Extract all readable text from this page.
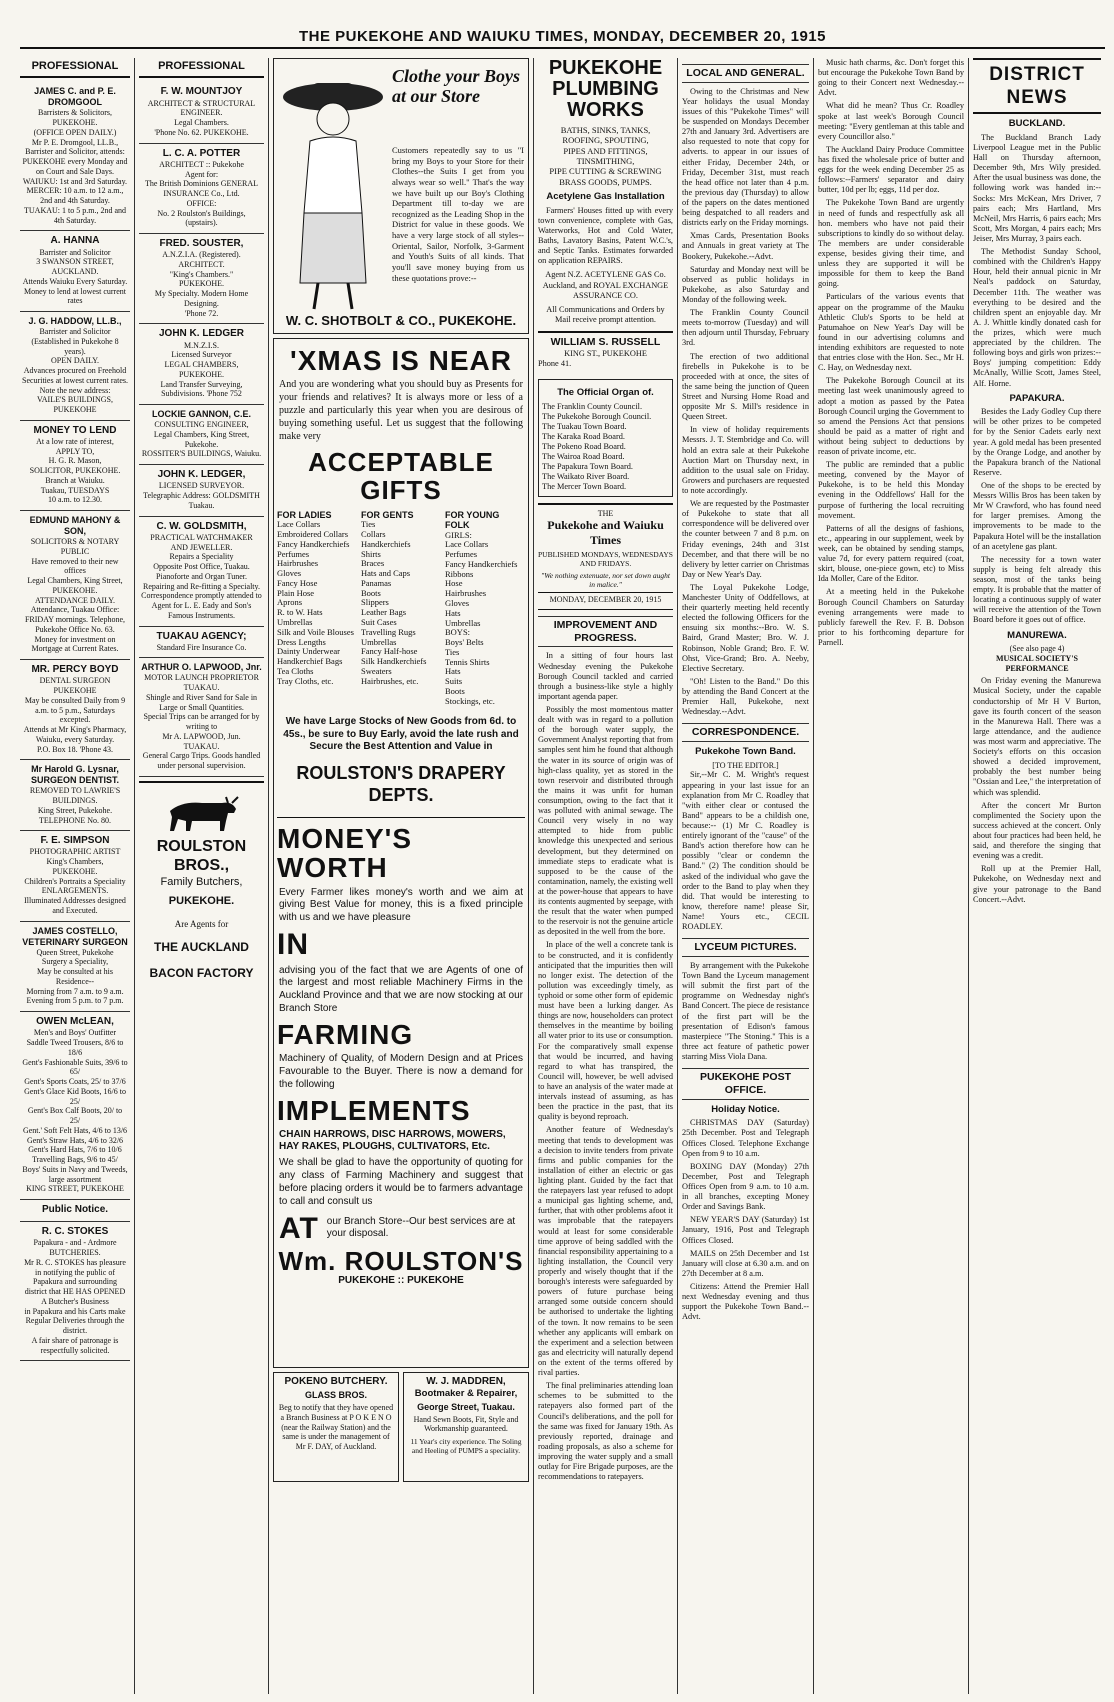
THE PUKEKOHE AND WAIUKU TIMES, MONDAY, DECEMBER 20, 1915
PROFESSIONAL
JAMES C. and P. E. DROMGOOL
Barristers & Solicitors,
PUKEKOHE.
(OFFICE OPEN DAILY.)
Mr P. E. Dromgool, LL.B., Barrister and Solicitor, attends:
PUKEKOHE every Monday and on Court and Sale Days.
WAIUKU: 1st and 3rd Saturday.
MERCER: 10 a.m. to 12 a.m., 2nd and 4th Saturday.
TUAKAU: 1 to 5 p.m., 2nd and 4th Saturday.
A. HANNA
Barrister and Solicitor
3 SWANSON STREET, AUCKLAND.
Attends Waiuku Every Saturday.
Money to lend at lowest current rates
J. G. HADDOW, LL.B.,
Barrister and Solicitor
(Established in Pukekohe 8 years).
OPEN DAILY.
Advances procured on Freehold Securities at lowest current rates.
Note the new address:
VAILE'S BUILDINGS, PUKEKOHE
MONEY TO LEND
At a low rate of interest,
APPLY TO,
H. G. R. Mason,
SOLICITOR, PUKEKOHE.
Branch at Waiuku.
Tuakau, TUESDAYS
10 a.m. to 12.30.
EDMUND MAHONY & SON,
SOLICITORS & NOTARY PUBLIC
Have removed to their new offices
Legal Chambers, King Street,
PUKEKOHE.
ATTENDANCE DAILY.
Attendance, Tuakau Office: FRIDAY mornings. Telephone, Pukekohe Office No. 63.
Money for investment on Mortgage at Current Rates.
MR. PERCY BOYD
DENTAL SURGEON
PUKEKOHE
May be consulted Daily from 9 a.m. to 5 p.m., Saturdays excepted.
Attends at Mr King's Pharmacy, Waiuku, every Saturday.
P.O. Box 18. 'Phone 43.
Mr Harold G. Lysnar, SURGEON DENTIST.
REMOVED TO LAWRIE'S BUILDINGS.
King Street, Pukekohe.
TELEPHONE No. 80.
F. E. SIMPSON
PHOTOGRAPHIC ARTIST
King's Chambers,
PUKEKOHE.
Children's Portraits a Speciality
ENLARGEMENTS.
Illuminated Addresses designed and Executed.
JAMES COSTELLO, VETERINARY SURGEON
Queen Street, Pukekohe
Surgery a Speciality,
May be consulted at his Residence--
Morning from 7 a.m. to 9 a.m.
Evening from 5 p.m. to 7 p.m.
OWEN McLEAN,
Men's and Boys' Outfitter
Saddle Tweed Trousers, 8/6 to 18/6
Gent's Fashionable Suits, 39/6 to 65/
Gent's Sports Coats, 25/ to 37/6
Gent's Glace Kid Boots, 16/6 to 25/
Gent's Box Calf Boots, 20/ to 25/
Gent.' Soft Felt Hats, 4/6 to 13/6
Gent's Straw Hats, 4/6 to 32/6
Gent's Hard Hats, 7/6 to 10/6
Travelling Bags, 9/6 to 45/
Boys' Suits in Navy and Tweeds, large assortment
KING STREET, PUKEKOHE
Public Notice.
R. C. STOKES
Papakura - and - Ardmore BUTCHERIES.
Mr R. C. STOKES has pleasure in notifying the public of Papakura and surrounding district that HE HAS OPENED
A Butcher's Business
in Papakura and his Carts make Regular Deliveries through the district.
A fair share of patronage is respectfully solicited.
PROFESSIONAL
F. W. MOUNTJOY
ARCHITECT & STRUCTURAL ENGINEER.
Legal Chambers.
'Phone No. 62. PUKEKOHE.
L. C. A. POTTER
ARCHITECT :: Pukekohe
Agent for:
The British Dominions GENERAL INSURANCE Co., Ltd.
OFFICE:
No. 2 Roulston's Buildings, (upstairs).
FRED. SOUSTER,
A.N.Z.I.A. (Registered).
ARCHITECT.
"King's Chambers."
PUKEKOHE.
My Specialty. Modern Home Designing.
'Phone 72.
JOHN K. LEDGER
M.N.Z.I.S.
Licensed Surveyor
LEGAL CHAMBERS,
PUKEKOHE.
Land Transfer Surveying, Subdivisions. 'Phone 752
LOCKIE GANNON, C.E.
CONSULTING ENGINEER,
Legal Chambers, King Street,
Pukekohe.
ROSSITER'S BUILDINGS, Waiuku.
JOHN K. LEDGER,
LICENSED SURVEYOR.
Telegraphic Address: GOLDSMITH Tuakau.
C. W. GOLDSMITH,
PRACTICAL WATCHMAKER AND JEWELLER.
Repairs a Speciality
Opposite Post Office, Tuakau.
Pianoforte and Organ Tuner. Repairing and Re-fitting a Specialty.
Correspondence promptly attended to
Agent for L. E. Eady and Son's Famous Instruments.
TUAKAU AGENCY;
Standard Fire Insurance Co.
ARTHUR O. LAPWOOD, Jnr.
MOTOR LAUNCH PROPRIETOR
TUAKAU.
Shingle and River Sand for Sale in Large or Small Quantities.
Special Trips can be arranged for by writing to
Mr A. LAPWOOD, Jun.
TUAKAU.
General Cargo Trips. Goods handled under personal supervision.
ROULSTON BROS.,
Family Butchers,
PUKEKOHE.
Are Agents for
THE AUCKLAND
BACON FACTORY
Clothe your Boys at our Store
Customers repeatedly say to us "I bring my Boys to your Store for their Clothes--the Suits I get from you always wear so well." That's the way we have built up our Boy's Clothing Department till to-day we are recognized as the Leading Shop in the District for value in these goods. We have a very large stock of all styles-- Oriental, Sailor, Norfolk, 3-Garment and Youth's Suits of all kinds. That you'll save money buying from us these quotations prove:--
W. C. SHOTBOLT & CO., PUKEKOHE.
'XMAS IS NEAR
And you are wondering what you should buy as Presents for your friends and relatives? It is always more or less of a puzzle and particularly this year when you are desirous of buying something useful. Let us suggest that the following make very
ACCEPTABLE GIFTS
FOR LADIES
Lace Collars
Embroidered Collars
Fancy Handkerchiefs
Perfumes
Hairbrushes
Gloves
Fancy Hose
Plain Hose
Aprons
R. to W. Hats
Umbrellas
Silk and Voile Blouses
Dress Lengths
Dainty Underwear
Handkerchief Bags
Tea Cloths
Tray Cloths, etc.
FOR GENTS
Ties
Collars
Handkerchiefs
Shirts
Braces
Hats and Caps
Panamas
Boots
Slippers
Leather Bags
Suit Cases
Travelling Rugs
Umbrellas
Fancy Half-hose
Silk Handkerchiefs
Sweaters
Hairbrushes, etc.
FOR YOUNG FOLK
GIRLS:
Lace Collars
Perfumes
Fancy Handkerchiefs
Ribbons
Hose
Hairbrushes
Gloves
Hats
Umbrellas
BOYS:
Boys' Belts
Ties
Tennis Shirts
Hats
Suits
Boots
Stockings, etc.
We have Large Stocks of New Goods from 6d. to 45s., be sure to Buy Early, avoid the late rush and Secure the Best Attention and Value in
ROULSTON'S DRAPERY DEPTS.
MONEY'S WORTH
Every Farmer likes money's worth and we aim at giving Best Value for money, this is a fixed principle with us and we have pleasure
IN
advising you of the fact that we are Agents of one of the largest and most reliable Machinery Firms in the Auckland Province and that we are now stocking at our Branch Store
FARMING
Machinery of Quality, of Modern Design and at Prices Favourable to the Buyer. There is now a demand for the following
IMPLEMENTS
CHAIN HARROWS, DISC HARROWS, MOWERS, HAY RAKES, PLOUGHS, CULTIVATORS, Etc.
We shall be glad to have the opportunity of quoting for any class of Farming Machinery and suggest that before placing orders it would be to farmers advantage to call and consult us
AT our Branch Store--Our best services are at your disposal.
Wm. ROULSTON'S
PUKEKOHE :: PUKEKOHE
POKENO BUTCHERY.
GLASS BROS.
Beg to notify that they have opened a Branch Business at P O K E N O (near the Railway Station) and the same is under the management of Mr F. DAY, of Auckland.
W. J. MADDREN,
Bootmaker & Repairer,
George Street, Tuakau.
Hand Sewn Boots, Fit, Style and Workmanship guaranteed.
11 Year's city experience. The Soling and Heeling of PUMPS a speciality.
PUKEKOHE PLUMBING WORKS
BATHS, SINKS, TANKS,
ROOFING, SPOUTING,
PIPES AND FITTINGS,
TINSMITHING,
PIPE CUTTING & SCREWING
BRASS GOODS, PUMPS.
Acetylene Gas Installation
Farmers' Houses fitted up with every town convenience, complete with Gas, Waterworks, Hot and Cold Water, Baths, Lavatory Basins, Patent W.C.'s, and Septic Tanks. Estimates forwarded on application REPAIRS.
Agent N.Z. ACETYLENE GAS Co. Auckland, and ROYAL EXCHANGE ASSURANCE CO.
All Communications and Orders by Mail receive prompt attention.
WILLIAM S. RUSSELL
KING ST., PUKEKOHE
Phone 41.
The Official Organ of.
The Franklin County Council.
The Pukekohe Borough Council.
The Tuakau Town Board.
The Karaka Road Board.
The Pokeno Road Board.
The Wairoa Road Board.
The Papakura Town Board.
The Waikato River Board.
The Mercer Town Board.
THE
Pukekohe and Waiuku Times
PUBLISHED MONDAYS, WEDNESDAYS AND FRIDAYS.
"We nothing extenuate, nor set down aught in malice."
MONDAY, DECEMBER 20, 1915
IMPROVEMENT AND PROGRESS.

In a sitting of four hours last Wednesday evening the Pukekohe Borough Council tackled and carried through a business-like style a highly important agenda paper.

Possibly the most momentous matter dealt with was in regard to a pollution of the borough water supply, the Government Analyst reporting that from samples sent him he found that although the water in its source of origin was of high-class quality, yet as stored in the town reservoir and distributed through the mains it was unfit for human consumption, owing to the fact that it was polluted with animal sewage. The Council very wisely in no way attempted to hide from public knowledge this unexpected and serious development, but they determined on immediate steps to eradicate what is supposed to be the cause of the contamination, namely, the existing well at the power-house that appears to have its contents augmented by seepage, with the result that the water when pumped to the reservoir is not the genuine article as deposited in the well from the bore.

In place of the well a concrete tank is to be constructed, and it is confidently anticipated that the impurities then will no longer exist. The detection of the pollution was exceedingly timely, as typhoid or some other form of epidemic must have been a lurking danger. As things are now, householders can protect themselves in the meantime by boiling all water prior to its use or consumption. For the comparatively small expense that would be incurred, and having regard to what has transpired, the Council will, however, be well advised to have an analysis of the water made at intervals instead of assuming, as has been the practice in the past, that its quality is beyond reproach.

Another feature of Wednesday's meeting that tends to development was a decision to invite tenders from private firms and public companies for the installation of either an electric or gas lighting plant. Guided by the fact that the ratepayers last year refused to adopt a municipal gas lighting scheme, and, further, that with other problems afoot it was improbable that the ratepayers would at least for some considerable time approve of being saddled with the financial responsibility appertaining to a lighting installation, the Council very properly and wisely thought that if the borough's interests were safeguarded by powers of future purchase being arranged some outside concern should be authorised to undertake the lighting of the town. It now remains to be seen whether any applicants will embark on the experiment and a selection between gas and electricity will naturally depend on the extent of the terms offered by rival parties.

The final preliminaries attending loan schemes to be submitted to the ratepayers also formed part of the Council's deliberations, and the poll for the same was fixed for January 19th. As previously reported, drainage and roading proposals, as also a scheme for improving the water supply and a small outlay for Fire Brigade purposes, are the recommendations to ratepayers.

LOCAL AND GENERAL.

Owing to the Christmas and New Year holidays the usual Monday issues of this "Pukekohe Times" will be suspended on Mondays December 27th and January 3rd. Advertisers are also requested to note that copy for adverts. to appear in our issues of either Friday, December 24th, or Friday, December 31st, must reach the head office not later than 4 p.m. the previous day (Thursday) to allow of the papers on the dates mentioned being despatched to all readers and districts early on the Friday mornings.

Xmas Cards, Presentation Books and Annuals in great variety at The Bookery, Pukekohe.--Advt.

Saturday and Monday next will be observed as public holidays in Pukekohe, as also Saturday and Monday of the following week.

The Franklin County Council meets to-morrow (Tuesday) and will then adjourn until Thursday, February 3rd.

The erection of two additional firebells in Pukekohe is to be proceeded with at once, the sites of the same being the junction of Queen Street and Nursing Home Road and opposite Mr S. Mill's residence in Queen Street.

In view of holiday requirements Messrs. J. T. Stembridge and Co. will hold an extra sale at their Pukekohe Auction Mart on Thursday next, in addition to the usual sale on Friday. Growers and purchasers are requested to note accordingly.

We are requested by the Postmaster of Pukekohe to state that all correspondence will be delivered over the counter between 7 and 8 p.m. on Friday evenings, 24th and 31st December, and that there will be no delivery by letter carrier on Christmas Day or New Year's Day.

The Loyal Pukekohe Lodge, Manchester Unity of Oddfellows, at their quarterly meeting held recently elected the following Officers for the ensuing six months:--Bro. W. S. Baird, Grand Master; Bro. W. J. Robinson, Noble Grand; Bro. F. W. Ohst, Vice-Grand; Bro. A. Neeby, Elective Secretary.

"Oh! Listen to the Band." Do this by attending the Band Concert at the Premier Hall, Pukekohe, next Wednesday.--Advt.
CORRESPONDENCE.
Pukekohe Town Band.
[TO THE EDITOR.]
Sir,--Mr C. M. Wright's request appearing in your last issue for an explanation from Mr C. Roadley that "with either clear or contused the Band" appears to be a childish one, because:-- (1) Mr C. Roadley is entirely ignorant of the "cause" of the Band's action therefore how can he possibly "clear or condemn the Band." (2) The condition should be asked of the individual who gave the order to the Band to play when they did. That would be interesting to know, therefore name! please Sir, Name! Yours etc., CECIL ROADLEY.
LYCEUM PICTURES.
By arrangement with the Pukekohe Town Band the Lyceum management will submit the first part of the programme on Wednesday night's Band Concert. The piece de resistance of the first part will be the presentation of Edison's famous masterpiece "The Stoning." This is a three act feature of pathetic power starring Miss Viola Dana.
PUKEKOHE POST OFFICE.
Holiday Notice.

CHRISTMAS DAY (Saturday) 25th December. Post and Telegraph Offices Closed. Telephone Exchange Open from 9 to 10 a.m.

BOXING DAY (Monday) 27th December, Post and Telegraph Offices Open from 9 a.m. to 10 a.m. in all branches, excepting Money Order and Savings Bank.

NEW YEAR'S DAY (Saturday) 1st January, 1916, Post and Telegraph Offices Closed.

MAILS on 25th December and 1st January will close at 6.30 a.m. and on 27th December at 8 a.m.

Citizens: Attend the Premier Hall next Wednesday evening and thus support the Pukekohe Town Band.--Advt.
DISTRICT NEWS
BUCKLAND.

The Buckland Branch Lady Liverpool League met in the Public Hall on Thursday afternoon, December 9th, Mrs Wily presided. After the usual business was done, the following work was handed in:--Socks: Mrs McKean, Mrs Driver, 7 pairs each; Mrs Hartland, Mrs McNeil, Mrs Harris, 6 pairs each; Mrs Scott, Mrs Morgan, 4 pairs each; Mrs Jeiser, Mrs Murray, 3 pairs each.

The Methodist Sunday School, combined with the Children's Happy Hour, held their annual picnic in Mr Neal's paddock on Saturday, December 11th. The weather was everything to be desired and the children spent an enjoyable day. Mr A. J. Whittle kindly donated cash for the prizes, which were much appreciated by the children. The following boys and girls won prizes:--Boys' jumping competition: Eddy McAnally, Willie Scott, James Steel, Alf. Horne.

PAPAKURA.

Besides the Lady Godley Cup there will be other prizes to be competed for by the Senior Cadets early next year. A gold medal has been presented by the Orange Lodge, and another by the Papakura branch of the National Reserve.

One of the shops to be erected by Messrs Willis Bros has been taken by Mr W Crawford, who has found need for larger premises. Among the improvements to be made to the Papakura Hotel will be the installation of an acetylene gas plant.

The necessity for a town water supply is being felt already this season, most of the tanks being empty. It is probable that the matter of locating a continuous supply of water will receive the attention of the Town Board before it goes out of office.

MANUREWA.
(See also page 4)
MUSICAL SOCIETY'S PERFORMANCE

On Friday evening the Manurewa Musical Society, under the capable conductorship of Mr H V Burton, gave its fourth concert of the season in the Manurewa Hall. There was a large attendance, and the audience was most warm and appreciative. The Society's efforts on this occasion showed a decided improvement, probably the best number being "Ossian and Lee," the interpretation of which was splendid.

After the concert Mr Burton complimented the Society upon the success achieved at the concert. Only about four practices had been held, he said, and therefore the singing that evening was a credit.

Roll up at the Premier Hall, Pukekohe, on Wednesday next and give your patronage to the Band Concert.--Advt.

Music hath charms, &c. Don't forget this but encourage the Pukekohe Town Band by going to their Concert next Wednesday.--Advt.

What did he mean? Thus Cr. Roadley spoke at last week's Borough Council meeting: "Every gentleman at this table and every Councillor also."

The Auckland Dairy Produce Committee has fixed the wholesale price of butter and eggs for the week ending December 25 as follows:--Farmers' separator and dairy butter, 10d per lb; eggs, 11d per doz.

The Pukekohe Town Band are urgently in need of funds and respectfully ask all hon. members who have not paid their subscriptions to kindly do so without delay. The members are under considerable expense, besides giving their time, and unless they are supported it will be impossible for them to keep the Band going.

Particulars of the various events that appear on the programme of the Mauku Athletic Club's Sports to be held at Patumahoe on New Year's Day will be found in our advertising columns and intending exhibitors are requested to note that entries close with the Hon. Sec., Mr H. C. Hay, on Wednesday next.

The Pukekohe Borough Council at its meeting last week unanimously agreed to adopt a motion as passed by the Patea Borough Council urging the Government to so amend the Pensions Act that pensions should be paid as a matter of right and without being subject to deductions by reason of private income, etc.

The public are reminded that a public meeting, convened by the Mayor of Pukekohe, is to be held this Monday evening in the Oddfellows' Hall for the purpose of furthering the local recruiting movement.

Patterns of all the designs of fashions, etc., appearing in our supplement, week by week, can be obtained by sending stamps, value 7d, for every pattern required (coat, skirt, blouse, one-piece gown, etc) to Miss Ida Moller, Care of the Editor.

At a meeting held in the Pukekohe Borough Council Chambers on Saturday evening arrangements were made to publicly farewell the Rev. F. B. Dobson prior to his forthcoming departure for Parnell.
